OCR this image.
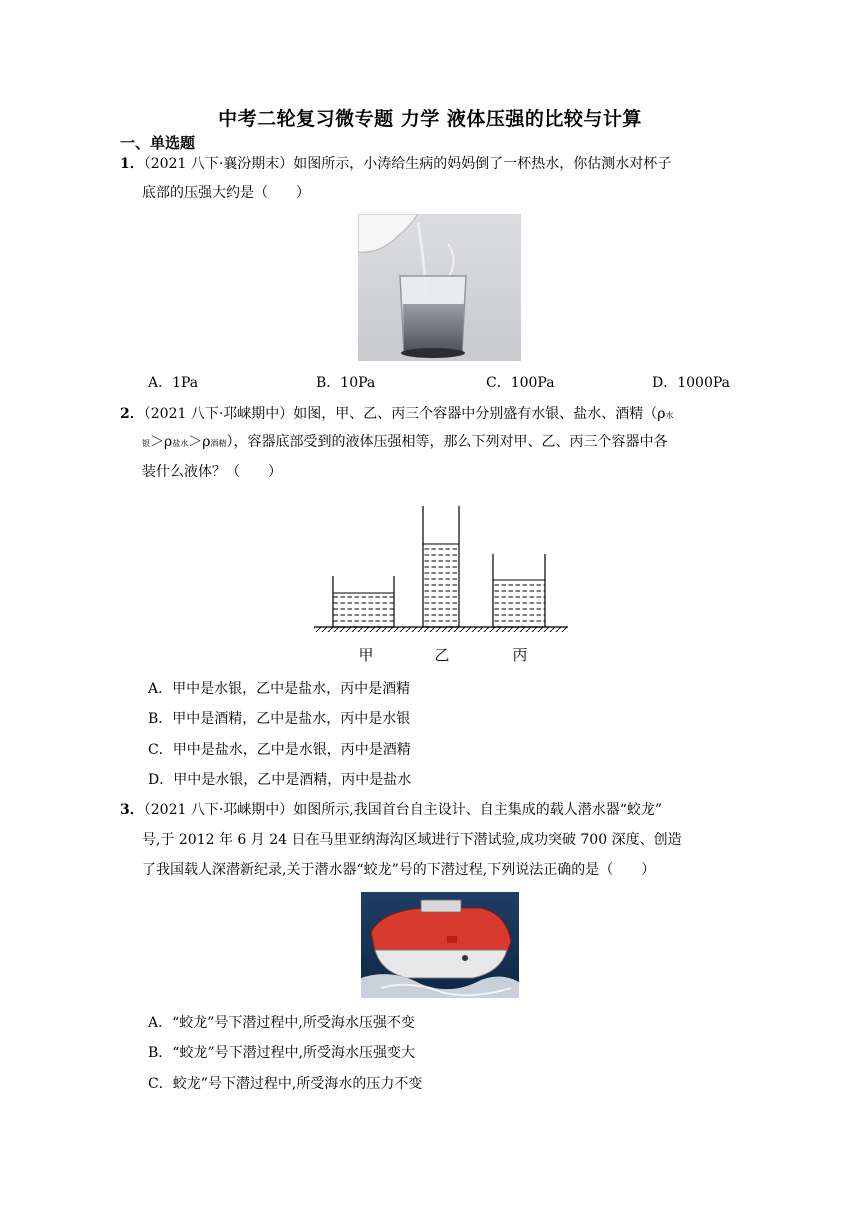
中考二轮复习微专题 力学 液体压强的比较与计算
一、单选题
1．（2021 八下·襄汾期末）如图所示，小涛给生病的妈妈倒了一杯热水，你估测水对杯子
底部的压强大约是（　　）
A．1Pa	B．10Pa	C．100Pa	D．1000Pa
2．（2021 八下·邛崃期中）如图，甲、乙、丙三个容器中分别盛有水银、盐水、酒精（ρ水
银＞ρ盐水＞ρ酒精），容器底部受到的液体压强相等，那么下列对甲、乙、丙三个容器中各
装什么液体？（　　）
甲	乙	丙
A．甲中是水银，乙中是盐水，丙中是酒精
B．甲中是酒精，乙中是盐水，丙中是水银
C．甲中是盐水，乙中是水银，丙中是酒精
D．甲中是水银，乙中是酒精，丙中是盐水
3．（2021 八下·邛崃期中）如图所示,我国首台自主设计、自主集成的载人潜水器“蛟龙”
号,于 2012 年 6 月 24 日在马里亚纳海沟区域进行下潜试验,成功突破 700 深度、创造
了我国载人深潜新纪录,关于潜水器“蛟龙”号的下潜过程,下列说法正确的是（　　）
A．“蛟龙”号下潜过程中,所受海水压强不变
B．“蛟龙”号下潜过程中,所受海水压强变大
C．蛟龙”号下潜过程中,所受海水的压力不变
